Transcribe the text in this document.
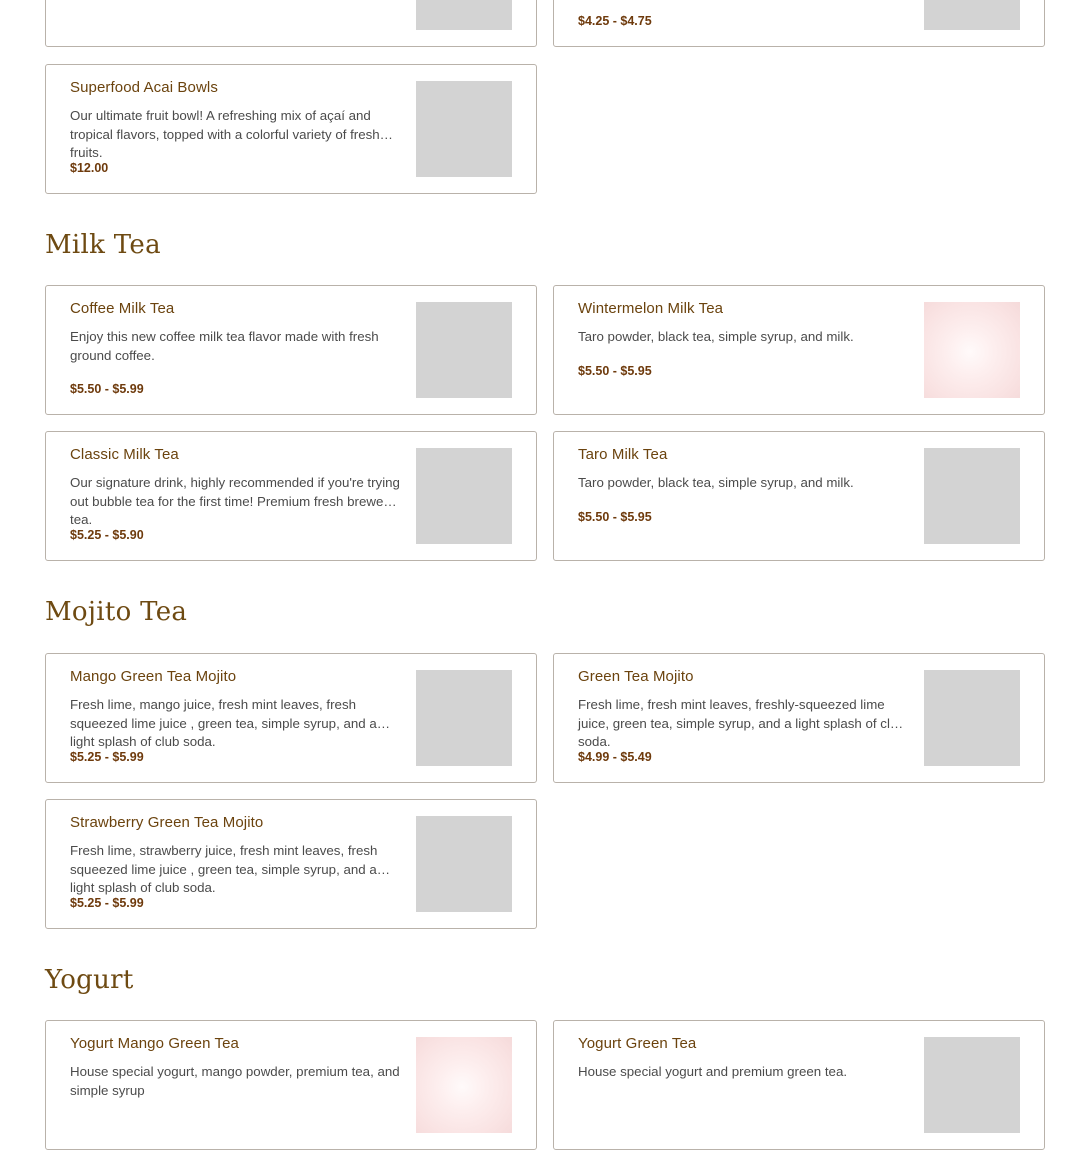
$4.25 - $4.75
Superfood Acai Bowls
Our ultimate fruit bowl! A refreshing mix of açaí and tropical flavors, topped with a colorful variety of fresh fruits.
$12.00
Milk Tea
Coffee Milk Tea
Enjoy this new coffee milk tea flavor made with fresh ground coffee.
$5.50 - $5.99
Wintermelon Milk Tea
Taro powder, black tea, simple syrup, and milk.
$5.50 - $5.95
Classic Milk Tea
Our signature drink, highly recommended if you're trying out bubble tea for the first time! Premium fresh brewed tea.
$5.25 - $5.90
Taro Milk Tea
Taro powder, black tea, simple syrup, and milk.
$5.50 - $5.95
Mojito Tea
Mango Green Tea Mojito
Fresh lime, mango juice, fresh mint leaves, fresh squeezed lime juice , green tea, simple syrup, and a light splash of club soda.
$5.25 - $5.99
Green Tea Mojito
Fresh lime, fresh mint leaves, freshly-squeezed lime juice, green tea, simple syrup, and a light splash of club soda.
$4.99 - $5.49
Strawberry Green Tea Mojito
Fresh lime, strawberry juice, fresh mint leaves, fresh squeezed lime juice , green tea, simple syrup, and a light splash of club soda.
$5.25 - $5.99
Yogurt
Yogurt Mango Green Tea
House special yogurt, mango powder, premium tea, and simple syrup
Yogurt Green Tea
House special yogurt and premium green tea.
